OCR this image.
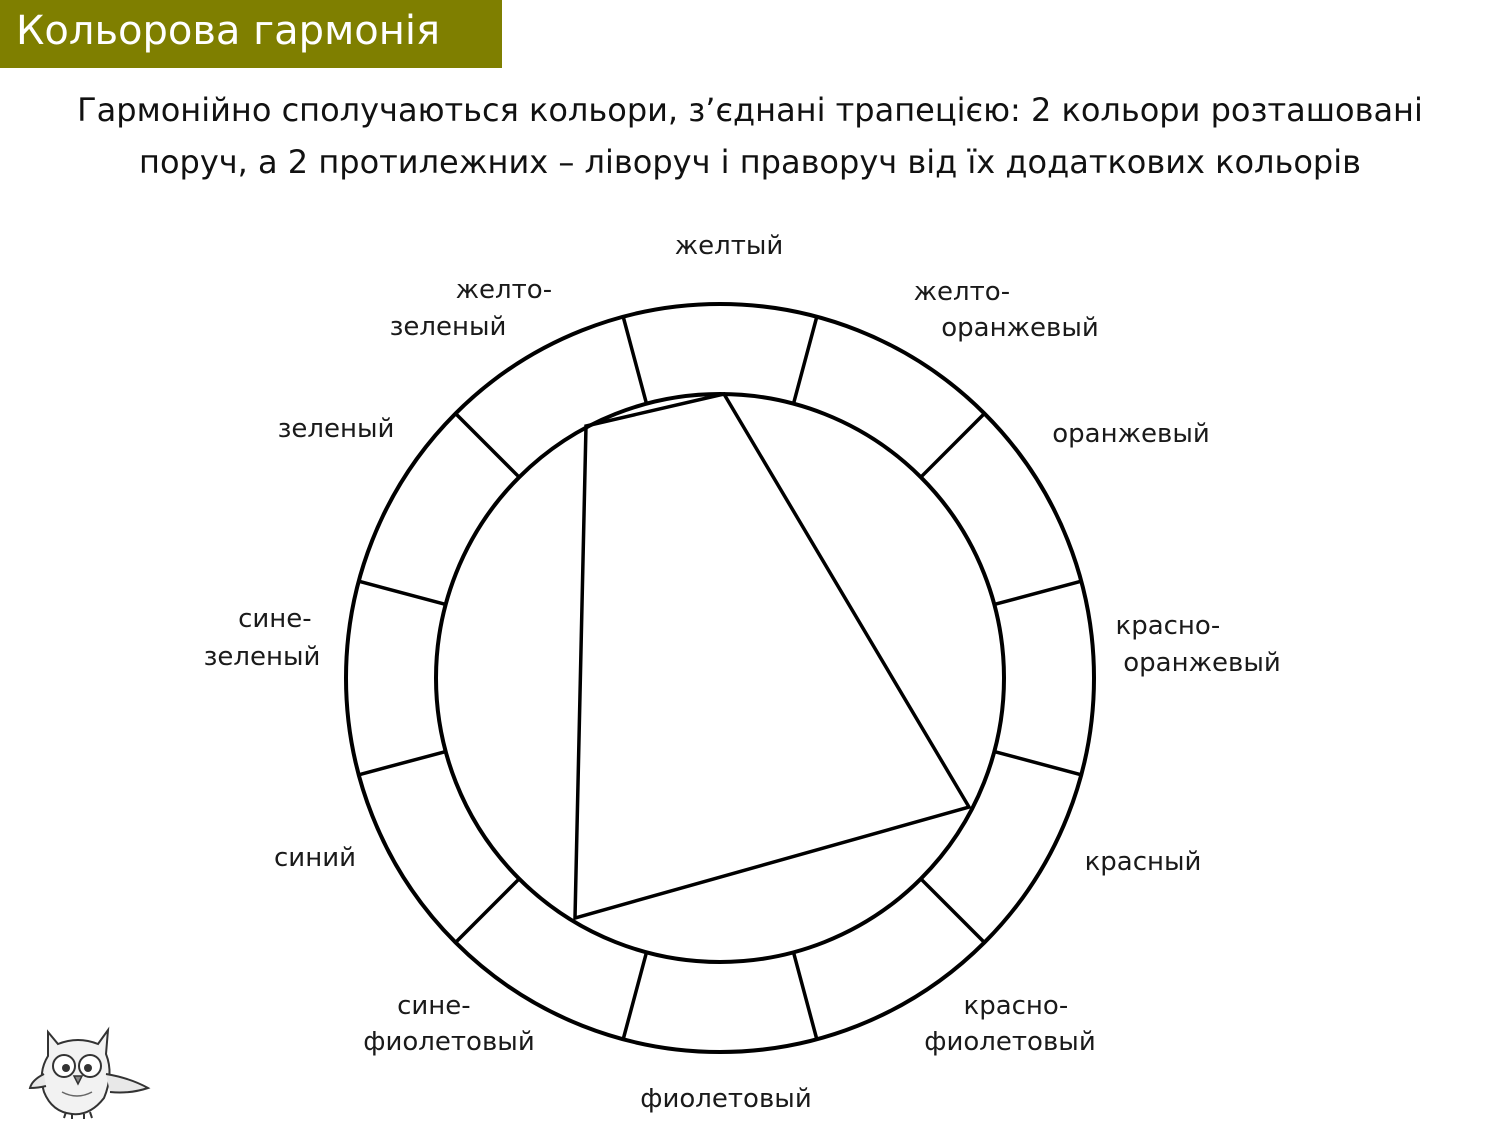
Кольорова гармонія
Гармонійно сполучаються кольори, з’єднані трапецією: 2 кольори розташовані
поруч, а 2 протилежних – ліворуч і праворуч від їх додаткових кольорів
желтый
желто- оранжевый
оранжевый
красно- оранжевый
красный
красно- фиолетовый
фиолетовый
сине- фиолетовый
синий
сине- зеленый
зеленый
желто- зеленый
